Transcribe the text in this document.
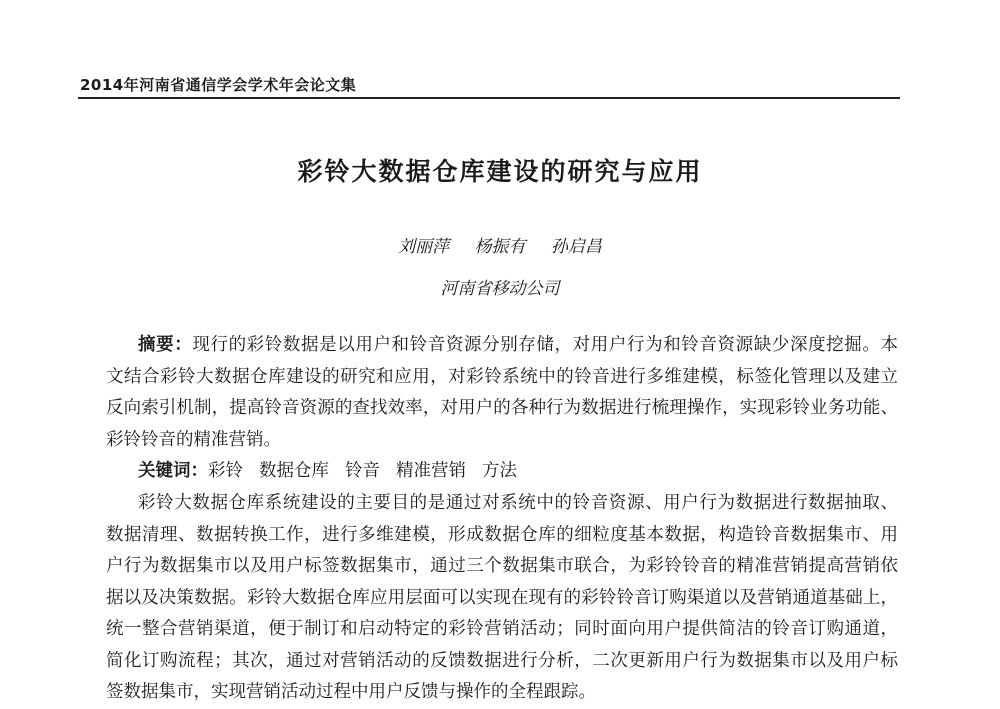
2014年河南省通信学会学术年会论文集
彩铃大数据仓库建设的研究与应用
刘丽萍 杨振有 孙启昌
河南省移动公司
摘要：现行的彩铃数据是以用户和铃音资源分别存储，对用户行为和铃音资源缺少深度挖掘。本
文结合彩铃大数据仓库建设的研究和应用，对彩铃系统中的铃音进行多维建模，标签化管理以及建立
反向索引机制，提高铃音资源的查找效率，对用户的各种行为数据进行梳理操作，实现彩铃业务功能、
彩铃铃音的精准营销。
关键词：彩铃 数据仓库 铃音 精准营销 方法
彩铃大数据仓库系统建设的主要目的是通过对系统中的铃音资源、用户行为数据进行数据抽取、
数据清理、数据转换工作，进行多维建模，形成数据仓库的细粒度基本数据，构造铃音数据集市、用
户行为数据集市以及用户标签数据集市，通过三个数据集市联合，为彩铃铃音的精准营销提高营销依
据以及决策数据。彩铃大数据仓库应用层面可以实现在现有的彩铃铃音订购渠道以及营销通道基础上，
统一整合营销渠道，便于制订和启动特定的彩铃营销活动；同时面向用户提供简洁的铃音订购通道，
简化订购流程；其次，通过对营销活动的反馈数据进行分析，二次更新用户行为数据集市以及用户标
签数据集市，实现营销活动过程中用户反馈与操作的全程跟踪。
